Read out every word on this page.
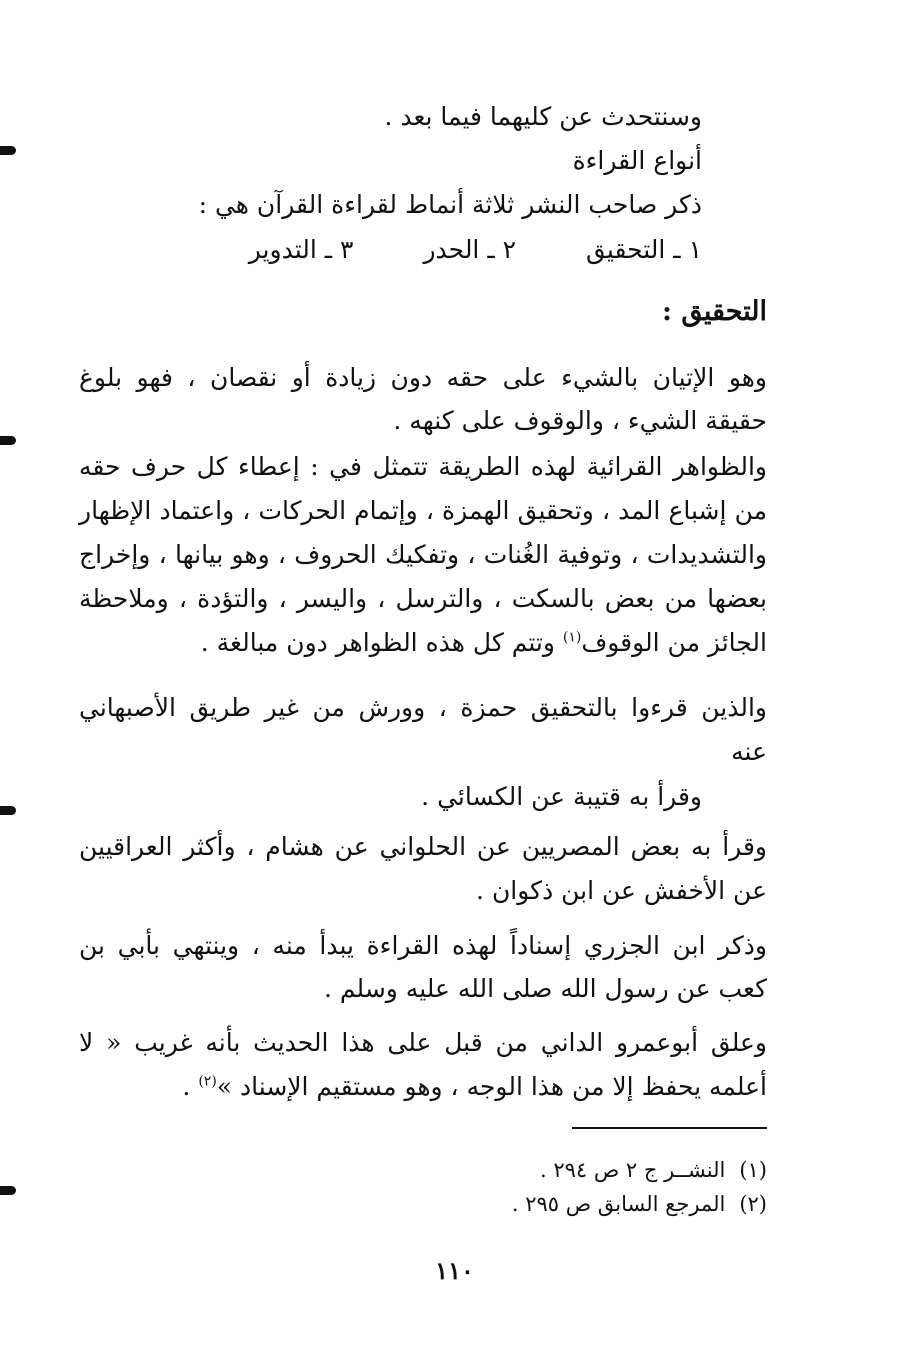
وسنتحدث عن كليهما فيما بعد .
أنواع القراءة
ذكر صاحب النشر ثلاثة أنماط لقراءة القرآن هي :
١ ـ التحقيق
٢ ـ الحدر
٣ ـ التدوير
التحقيق :
وهو الإتيان بالشيء على حقه دون زيادة أو نقصان ، فهو بلوغ
حقيقة الشيء ، والوقوف على كنهه .
والظواهر القرائية لهذه الطريقة تتمثل في : إعطاء كل حرف حقه
من إشباع المد ، وتحقيق الهمزة ، وإتمام الحركات ، واعتماد الإظهار
والتشديدات ، وتوفية الغُنات ، وتفكيك الحروف ، وهو بيانها ، وإخراج
بعضها من بعض بالسكت ، والترسل ، واليسر ، والتؤدة ، وملاحظة
الجائز من الوقوف$^{(١)}$ وتتم كل هذه الظواهر دون مبالغة .
والذين قرءوا بالتحقيق حمزة ، وورش من غير طريق الأصبهاني
عنه
وقرأ به قتيبة عن الكسائي .
وقرأ به بعض المصريين عن الحلواني عن هشام ، وأكثر العراقيين
عن الأخفش عن ابن ذكوان .
وذكر ابن الجزري إسناداً لهذه القراءة يبدأ منه ، وينتهي بأبي بن
كعب عن رسول الله صلى الله عليه وسلم .
وعلق أبوعمرو الداني من قبل على هذا الحديث بأنه غريب « لا
أعلمه يحفظ إلا من هذا الوجه ، وهو مستقيم الإسناد »$^{(٢)}$ .
(١)النشــر ج ٢ ص ٢٩٤ .
(٢)المرجع السابق ص ٢٩٥ .
١١٠
